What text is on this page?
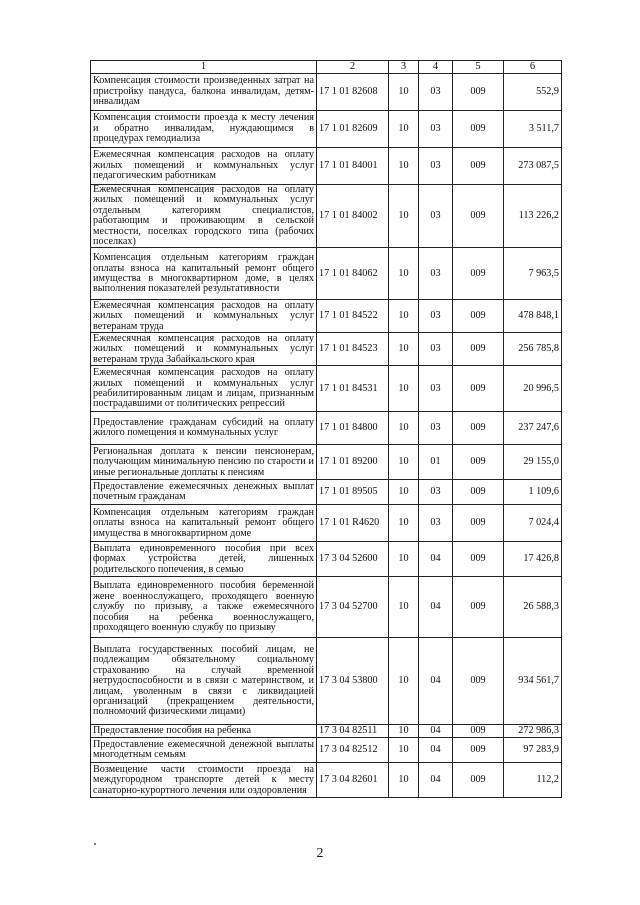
1	2	3	4	5	6
Компенсация стоимости произведенных затрат на пристройку пандуса, балкона инвалидам, детям-инвалидам	17 1 01 82608	10	03	009	552,9
Компенсация стоимости проезда к месту лечения и обратно инвалидам, нуждающимся в процедурах гемодиализа	17 1 01 82609	10	03	009	3 511,7
Ежемесячная компенсация расходов на оплату жилых помещений и коммунальных услуг педагогическим работникам	17 1 01 84001	10	03	009	273 087,5
Ежемесячная компенсация расходов на оплату жилых помещений и коммунальных услуг отдельным категориям специалистов, работающим и проживающим в сельской местности, поселках городского типа (рабочих поселках)	17 1 01 84002	10	03	009	113 226,2
Компенсация отдельным категориям граждан оплаты взноса на капитальный ремонт общего имущества в многоквартирном доме, в целях выполнения показателей результативности	17 1 01 84062	10	03	009	7 963,5
Ежемесячная компенсация расходов на оплату жилых помещений и коммунальных услуг ветеранам труда	17 1 01 84522	10	03	009	478 848,1
Ежемесячная компенсация расходов на оплату жилых помещений и коммунальных услуг ветеранам труда Забайкальского края	17 1 01 84523	10	03	009	256 785,8
Ежемесячная компенсация расходов на оплату жилых помещений и коммунальных услуг реабилитированным лицам и лицам, признанным пострадавшими от политических репрессий	17 1 01 84531	10	03	009	20 996,5
Предоставление гражданам субсидий на оплату жилого помещения и коммунальных услуг	17 1 01 84800	10	03	009	237 247,6
Региональная доплата к пенсии пенсионерам, получающим минимальную пенсию по старости и иные региональные доплаты к пенсиям	17 1 01 89200	10	01	009	29 155,0
Предоставление ежемесячных денежных выплат почетным гражданам	17 1 01 89505	10	03	009	1 109,6
Компенсация отдельным категориям граждан оплаты взноса на капитальный ремонт общего имущества в многоквартирном доме	17 1 01 R4620	10	03	009	7 024,4
Выплата единовременного пособия при всех формах устройства детей, лишенных родительского попечения, в семью	17 3 04 52600	10	04	009	17 426,8
Выплата единовременного пособия беременной жене военнослужащего, проходящего военную службу по призыву, а также ежемесячного пособия на ребенка военнослужащего, проходящего военную службу по призыву	17 3 04 52700	10	04	009	26 588,3
Выплата государственных пособий лицам, не подлежащим обязательному социальному страхованию на случай временной нетрудоспособности и в связи с материнством, и лицам, уволенным в связи с ликвидацией организаций (прекращением деятельности, полномочий физическими лицами)	17 3 04 53800	10	04	009	934 561,7
Предоставление пособия на ребенка	17 3 04 82511	10	04	009	272 986,3
Предоставление ежемесячной денежной выплаты многодетным семьям	17 3 04 82512	10	04	009	97 283,9
Возмещение части стоимости проезда на междугородном транспорте детей к месту санаторно-курортного лечения или оздоровления	17 3 04 82601	10	04	009	112,2
2
